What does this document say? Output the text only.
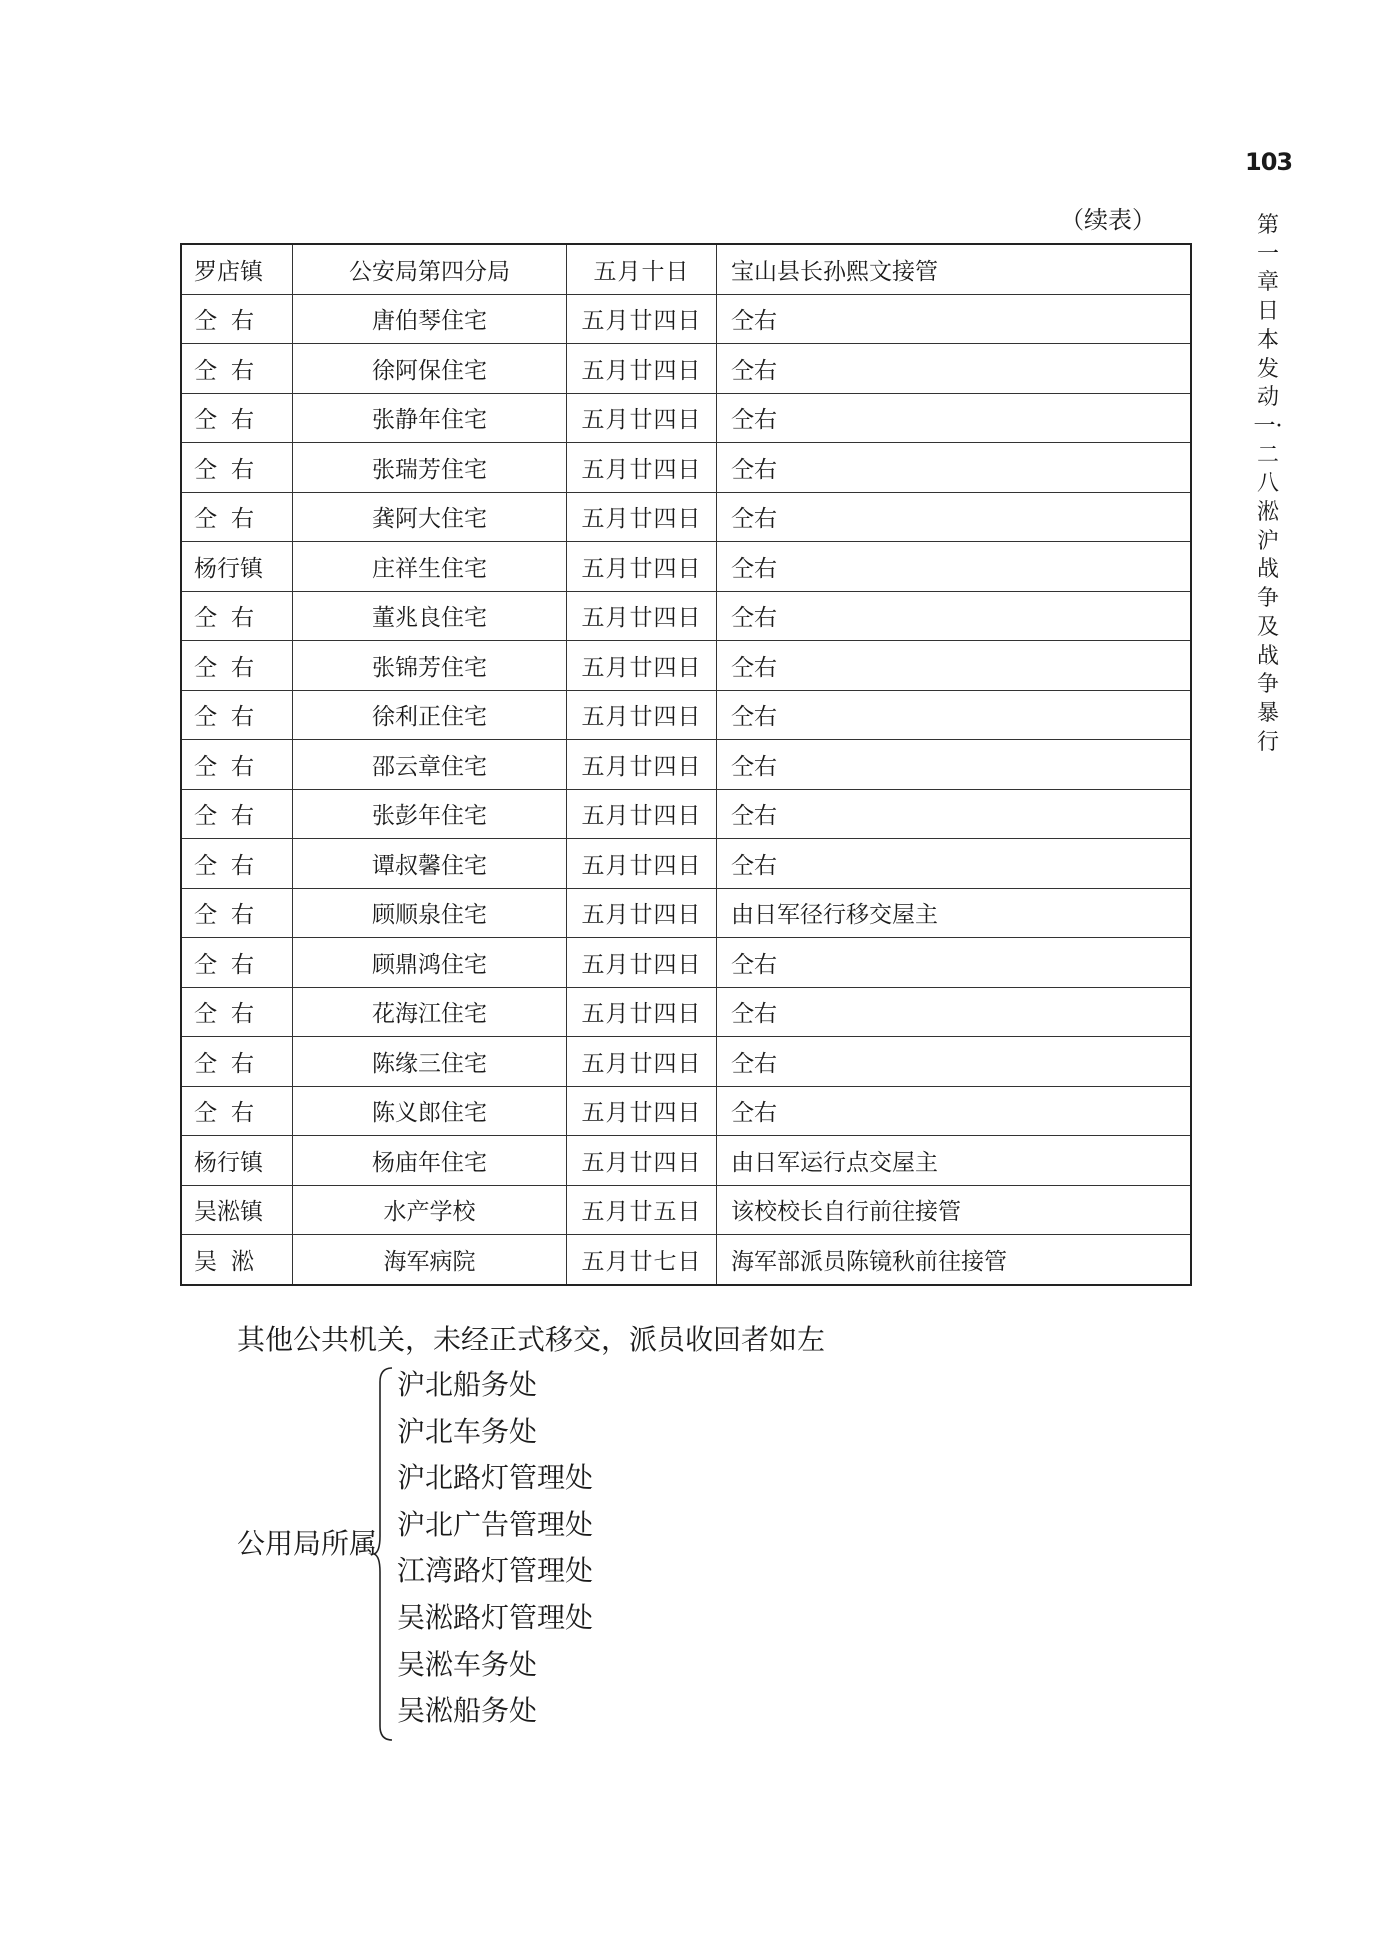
103
第一章　日本发动一·二八淞沪战争及战争暴行
（续表）
罗店镇	公安局第四分局	五月十日	宝山县长孙熙文接管
仝右	唐伯琴住宅	五月廿四日	仝右
仝右	徐阿保住宅	五月廿四日	仝右
仝右	张静年住宅	五月廿四日	仝右
仝右	张瑞芳住宅	五月廿四日	仝右
仝右	龚阿大住宅	五月廿四日	仝右
杨行镇	庄祥生住宅	五月廿四日	仝右
仝右	董兆良住宅	五月廿四日	仝右
仝右	张锦芳住宅	五月廿四日	仝右
仝右	徐利正住宅	五月廿四日	仝右
仝右	邵云章住宅	五月廿四日	仝右
仝右	张彭年住宅	五月廿四日	仝右
仝右	谭叔馨住宅	五月廿四日	仝右
仝右	顾顺泉住宅	五月廿四日	由日军径行移交屋主
仝右	顾鼎鸿住宅	五月廿四日	仝右
仝右	花海江住宅	五月廿四日	仝右
仝右	陈缘三住宅	五月廿四日	仝右
仝右	陈义郎住宅	五月廿四日	仝右
杨行镇	杨庙年住宅	五月廿四日	由日军运行点交屋主
吴淞镇	水产学校	五月廿五日	该校校长自行前往接管
吴淞	海军病院	五月廿七日	海军部派员陈镜秋前往接管
其他公共机关，未经正式移交，派员收回者如左
公用局所属
沪北船务处
沪北车务处
沪北路灯管理处
沪北广告管理处
江湾路灯管理处
吴淞路灯管理处
吴淞车务处
吴淞船务处
